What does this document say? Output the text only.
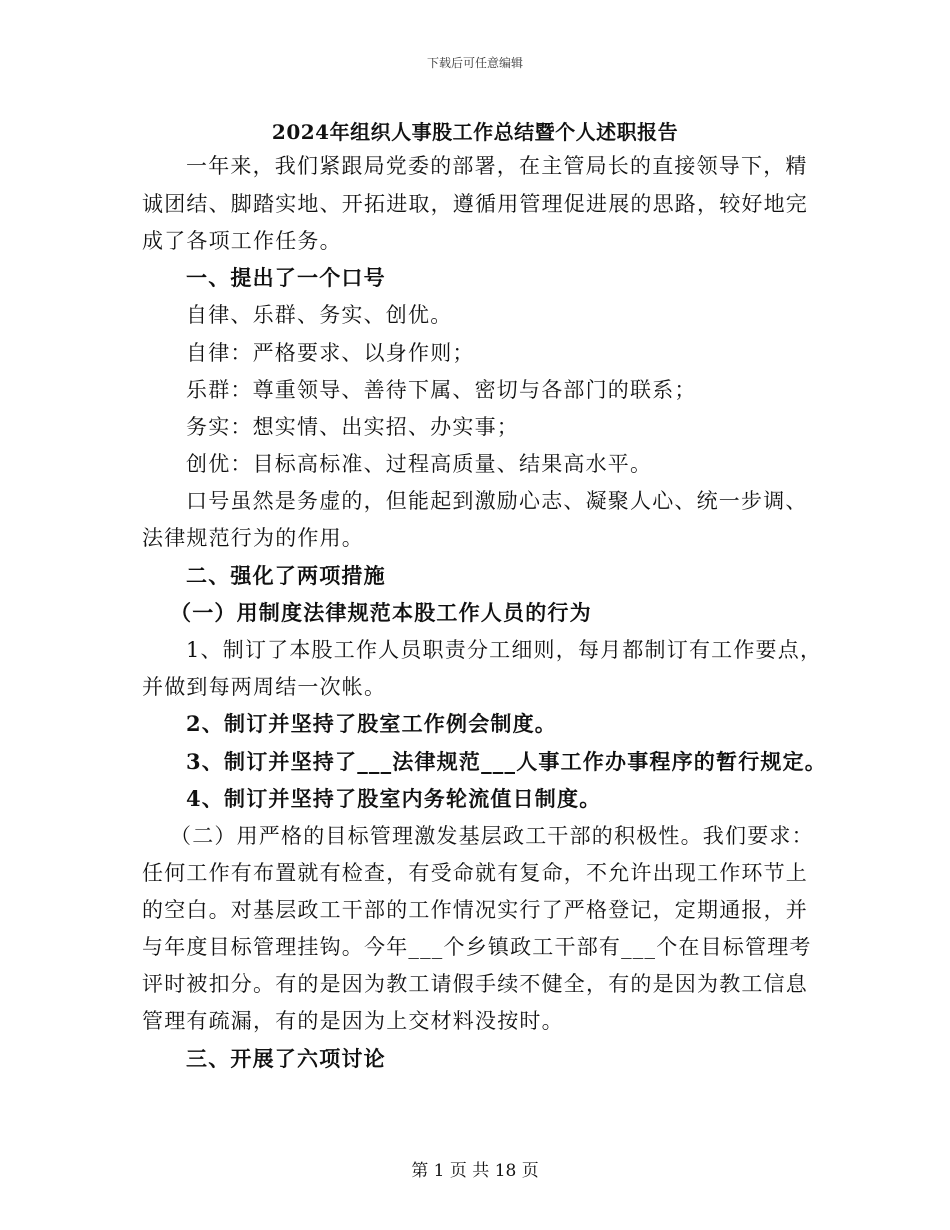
下载后可任意编辑
2024年组织人事股工作总结暨个人述职报告
一年来，我们紧跟局党委的部署，在主管局长的直接领导下，精
诚团结、脚踏实地、开拓进取，遵循用管理促进展的思路，较好地完
成了各项工作任务。
一、提出了一个口号
自律、乐群、务实、创优。
自律：严格要求、以身作则；
乐群：尊重领导、善待下属、密切与各部门的联系；
务实：想实情、出实招、办实事；
创优：目标高标准、过程高质量、结果高水平。
口号虽然是务虚的，但能起到激励心志、凝聚人心、统一步调、
法律规范行为的作用。
二、强化了两项措施
（一）用制度法律规范本股工作人员的行为
1、制订了本股工作人员职责分工细则，每月都制订有工作要点，
并做到每两周结一次帐。
2、制订并坚持了股室工作例会制度。
3、制订并坚持了___法律规范___人事工作办事程序的暂行规定。
4、制订并坚持了股室内务轮流值日制度。
（二）用严格的目标管理激发基层政工干部的积极性。我们要求：
任何工作有布置就有检查，有受命就有复命，不允许出现工作环节上
的空白。对基层政工干部的工作情况实行了严格登记，定期通报，并
与年度目标管理挂钩。今年___个乡镇政工干部有___个在目标管理考
评时被扣分。有的是因为教工请假手续不健全，有的是因为教工信息
管理有疏漏，有的是因为上交材料没按时。
三、开展了六项讨论
第 1 页 共 18 页
